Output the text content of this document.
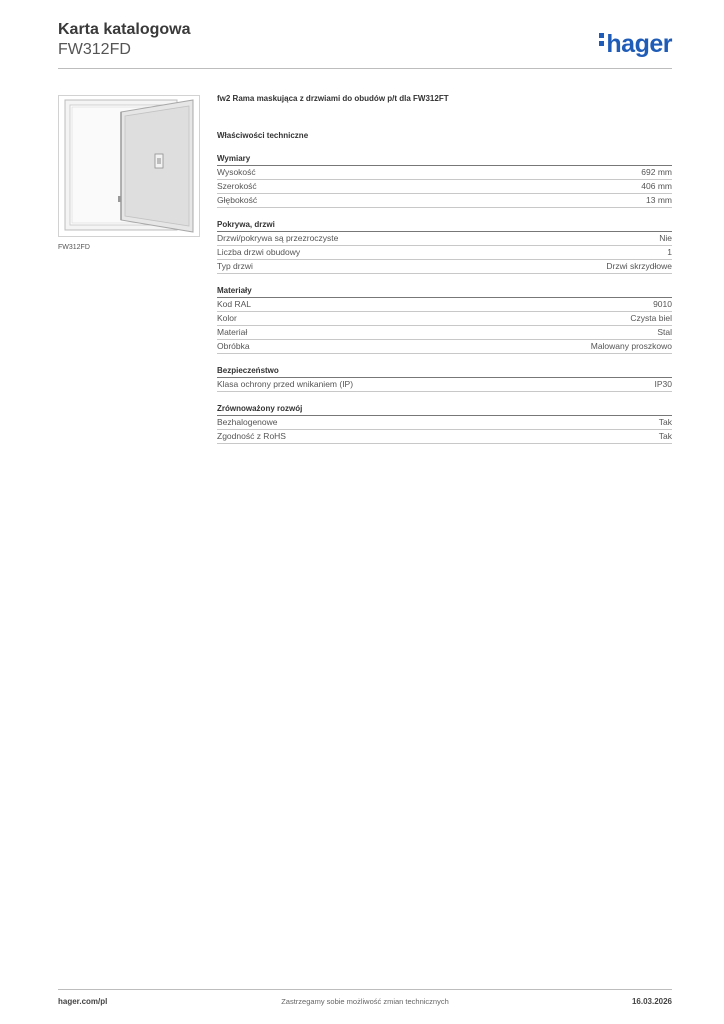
Karta katalogowa
FW312FD	hager
FW312FD
fw2 Rama maskująca z drzwiami do obudów p/t dla FW312FT
Właściwości techniczne
Wymiary
Wysokość	692 mm
Szerokość	406 mm
Głębokość	13 mm
Pokrywa, drzwi
Drzwi/pokrywa są przezroczyste	Nie
Liczba drzwi obudowy	1
Typ drzwi	Drzwi skrzydłowe
Materiały
Kod RAL	9010
Kolor	Czysta biel
Materiał	Stal
Obróbka	Malowany proszkowo
Bezpieczeństwo
Klasa ochrony przed wnikaniem (IP)	IP30
Zrównoważony rozwój
Bezhalogenowe	Tak
Zgodność z RoHS	Tak
hager.com/pl	Zastrzegamy sobie możliwość zmian technicznych	16.03.2026
